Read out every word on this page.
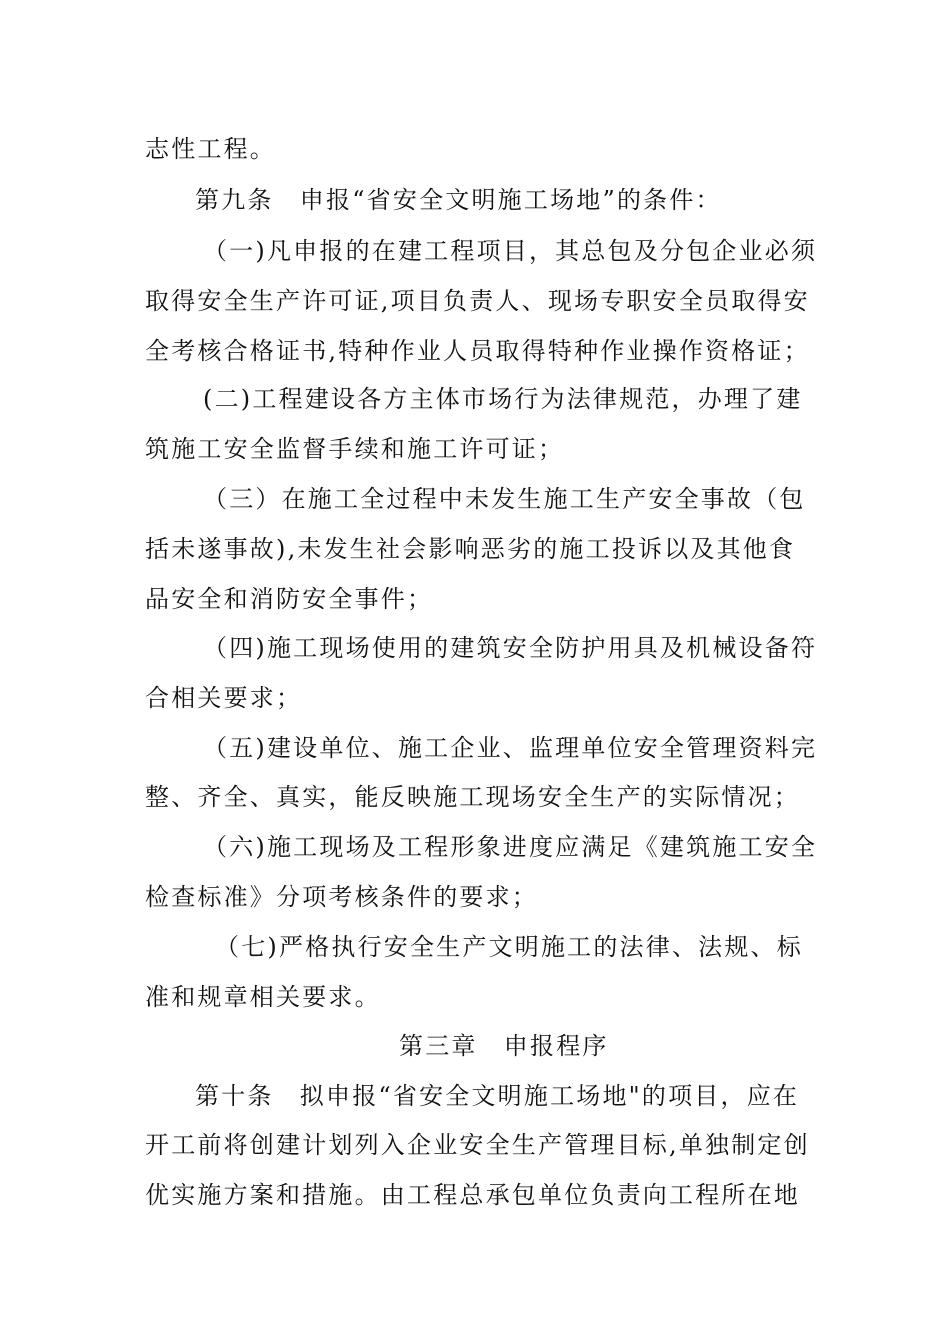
志性工程。
第九条　申报“省安全文明施工场地”的条件：
（一)凡申报的在建工程项目，其总包及分包企业必须
取得安全生产许可证,项目负责人、现场专职安全员取得安
全考核合格证书,特种作业人员取得特种作业操作资格证；
(二)工程建设各方主体市场行为法律规范，办理了建
筑施工安全监督手续和施工许可证；
（三）在施工全过程中未发生施工生产安全事故（包
括未遂事故),未发生社会影响恶劣的施工投诉以及其他食
品安全和消防安全事件；
（四)施工现场使用的建筑安全防护用具及机械设备符
合相关要求；
（五)建设单位、施工企业、监理单位安全管理资料完
整、齐全、真实，能反映施工现场安全生产的实际情况；
（六)施工现场及工程形象进度应满足《建筑施工安全
检查标准》分项考核条件的要求；
（七)严格执行安全生产文明施工的法律、法规、标
准和规章相关要求。
第三章　申报程序
第十条　拟申报“省安全文明施工场地"的项目，应在
开工前将创建计划列入企业安全生产管理目标,单独制定创
优实施方案和措施。由工程总承包单位负责向工程所在地
